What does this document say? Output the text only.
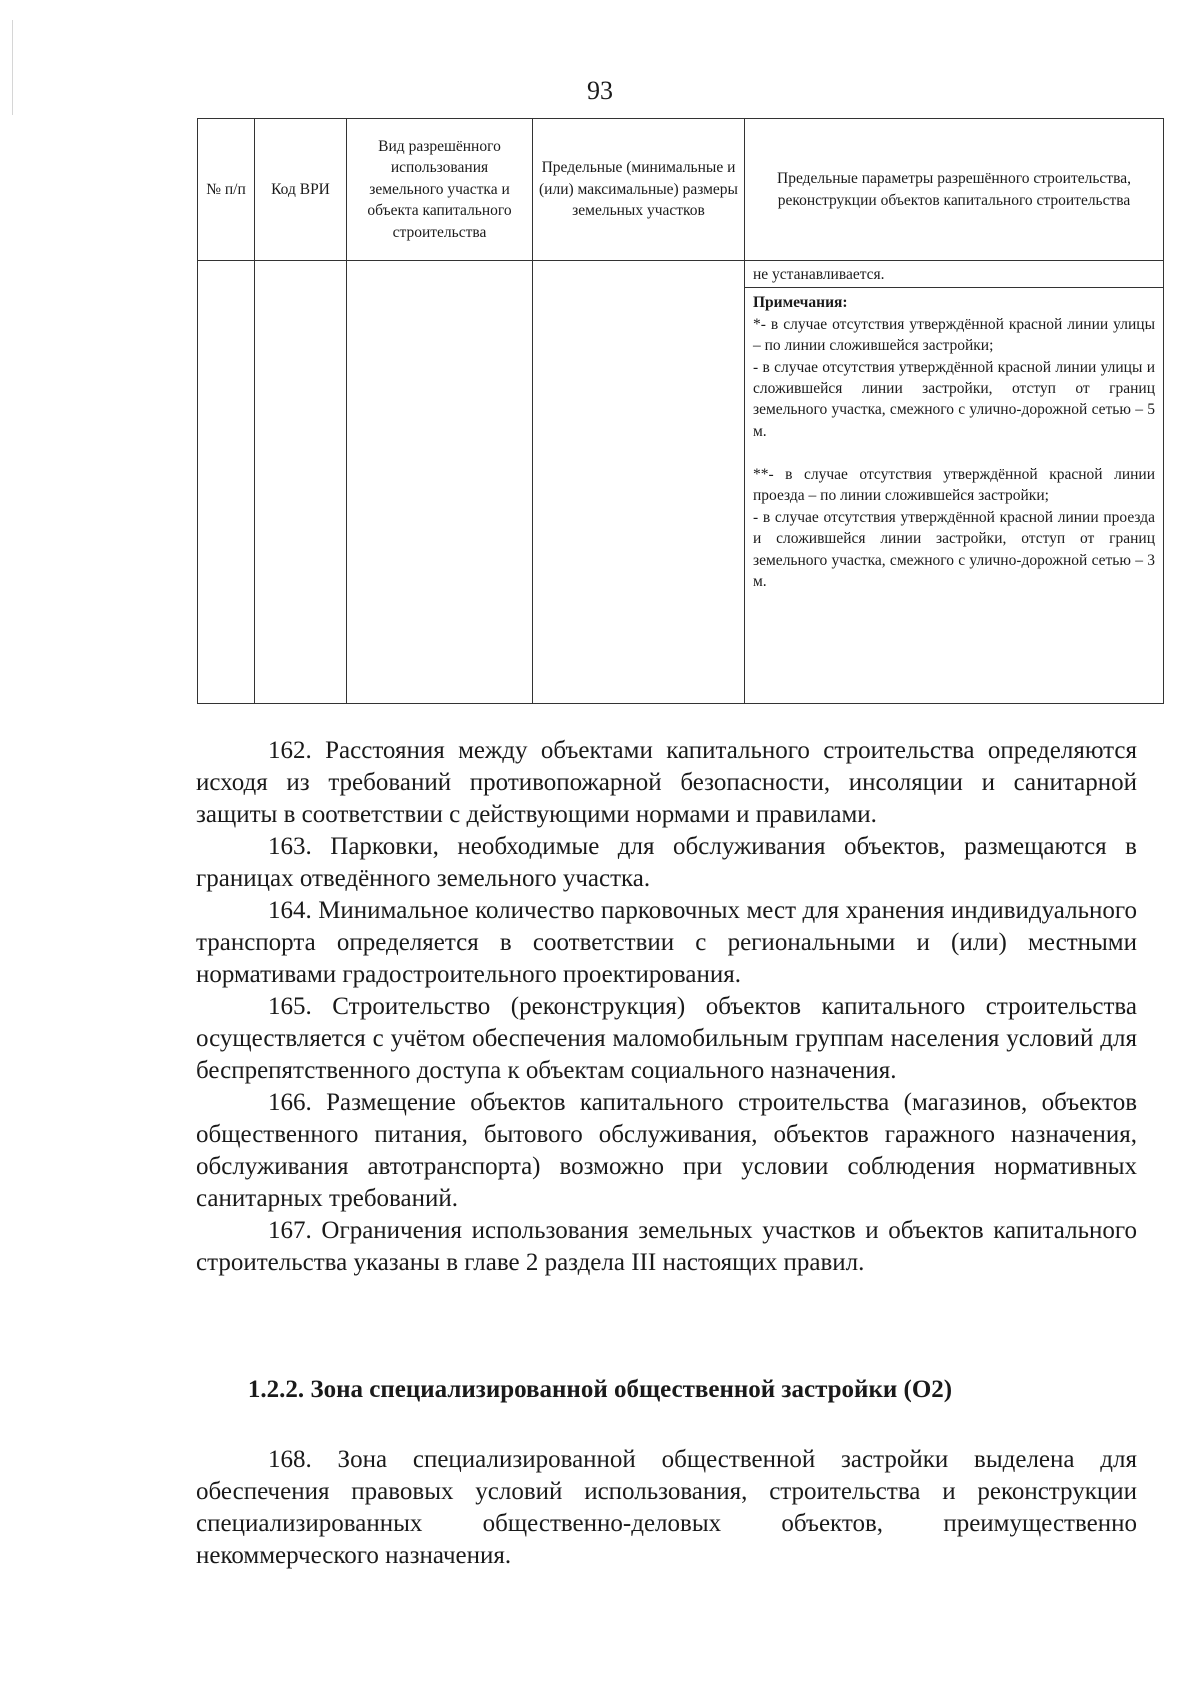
93
№ п/п	Код ВРИ	Вид разрешённого использования земельного участка и объекта капитального строительства	Предельные (минимальные и (или) максимальные) размеры земельных участков	Предельные параметры разрешённого строительства, реконструкции объектов капитального строительства
				не устанавливается.

				Примечания:
*- в случае отсутствия утверждённой красной линии улицы – по линии сложившейся застройки;
- в случае отсутствия утверждённой красной линии улицы и сложившейся линии застройки, отступ от границ земельного участка, смежного с улично-дорожной сетью – 5 м.
**- в случае отсутствия утверждённой красной линии проезда – по линии сложившейся застройки;
- в случае отсутствия утверждённой красной линии проезда и сложившейся линии застройки, отступ от границ земельного участка, смежного с улично-дорожной сетью – 3 м.
162. Расстояния между объектами капитального строительства определяются исходя из требований противопожарной безопасности, инсоляции и санитарной защиты в соответствии с действующими нормами и правилами.
163. Парковки, необходимые для обслуживания объектов, размещаются в границах отведённого земельного участка.
164. Минимальное количество парковочных мест для хранения индивидуального транспорта определяется в соответствии с региональными и (или) местными нормативами градостроительного проектирования.
165. Строительство (реконструкция) объектов капитального строительства осуществляется с учётом обеспечения маломобильным группам населения условий для беспрепятственного доступа к объектам социального назначения.
166. Размещение объектов капитального строительства (магазинов, объектов общественного питания, бытового обслуживания, объектов гаражного назначения, обслуживания автотранспорта) возможно при условии соблюдения нормативных санитарных требований.
167. Ограничения использования земельных участков и объектов капитального строительства указаны в главе 2 раздела III настоящих правил.
1.2.2. Зона специализированной общественной застройки (О2)
168. Зона специализированной общественной застройки выделена для обеспечения правовых условий использования, строительства и реконструкции специализированных общественно-деловых объектов, преимущественно некоммерческого назначения.
